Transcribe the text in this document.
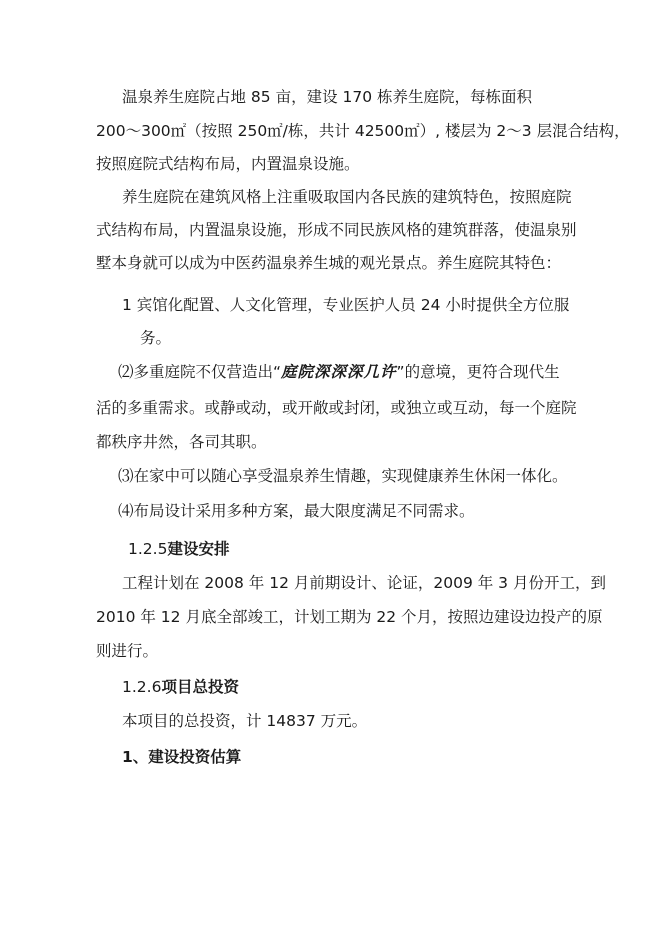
温泉养生庭院占地 85 亩，建设 170 栋养生庭院，每栋面积
200～300㎡（按照 250㎡/栋，共计 42500㎡）, 楼层为 2～3 层混合结构，
按照庭院式结构布局，内置温泉设施。
养生庭院在建筑风格上注重吸取国内各民族的建筑特色，按照庭院
式结构布局，内置温泉设施，形成不同民族风格的建筑群落，使温泉别
墅本身就可以成为中医药温泉养生城的观光景点。养生庭院其特色：
1 宾馆化配置、人文化管理，专业医护人员 24 小时提供全方位服
务。
⑵多重庭院不仅营造出“庭院深深深几许”的意境，更符合现代生
活的多重需求。或静或动，或开敞或封闭，或独立或互动，每一个庭院
都秩序井然，各司其职。
⑶在家中可以随心享受温泉养生情趣，实现健康养生休闲一体化。
⑷布局设计采用多种方案，最大限度满足不同需求。
1.2.5建设安排
工程计划在 2008 年 12 月前期设计、论证，2009 年 3 月份开工，到
2010 年 12 月底全部竣工，计划工期为 22 个月，按照边建设边投产的原
则进行。
1.2.6项目总投资
本项目的总投资，计 14837 万元。
1、建设投资估算
